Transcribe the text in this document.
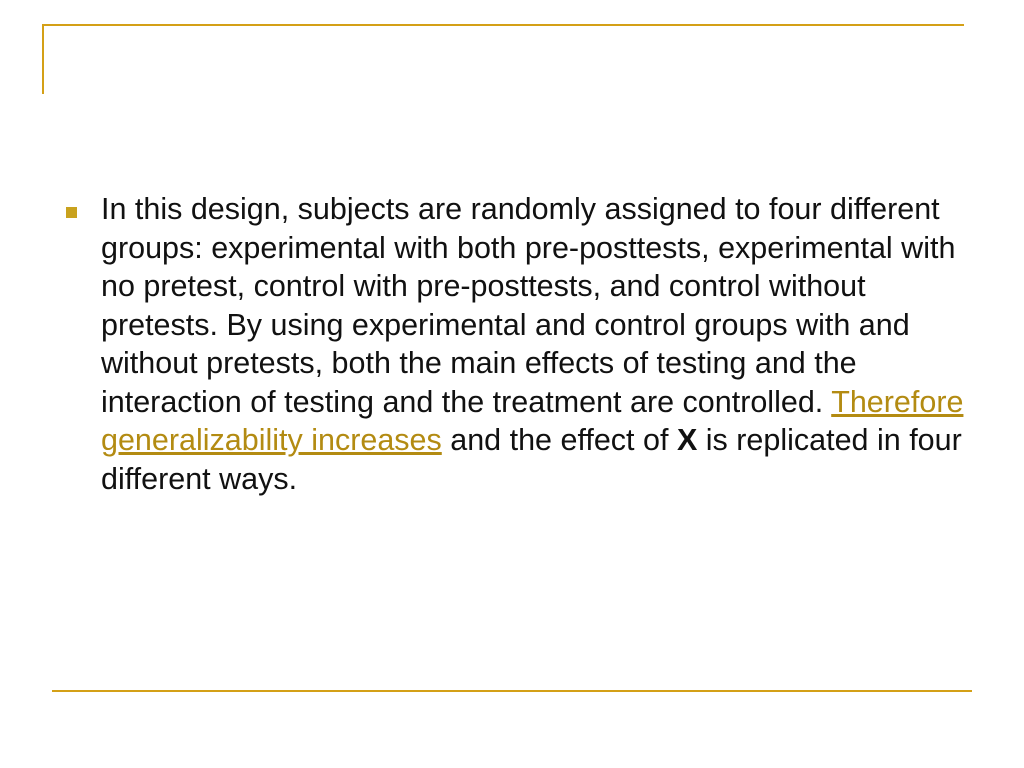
In this design, subjects are randomly assigned to four different groups: experimental with both pre-posttests, experimental with no pretest, control with pre-posttests, and control without pretests. By using experimental and control groups with and without pretests, both the main effects of testing and the interaction of testing and the treatment are controlled. Therefore generalizability increases and the effect of X is replicated in four different ways.
